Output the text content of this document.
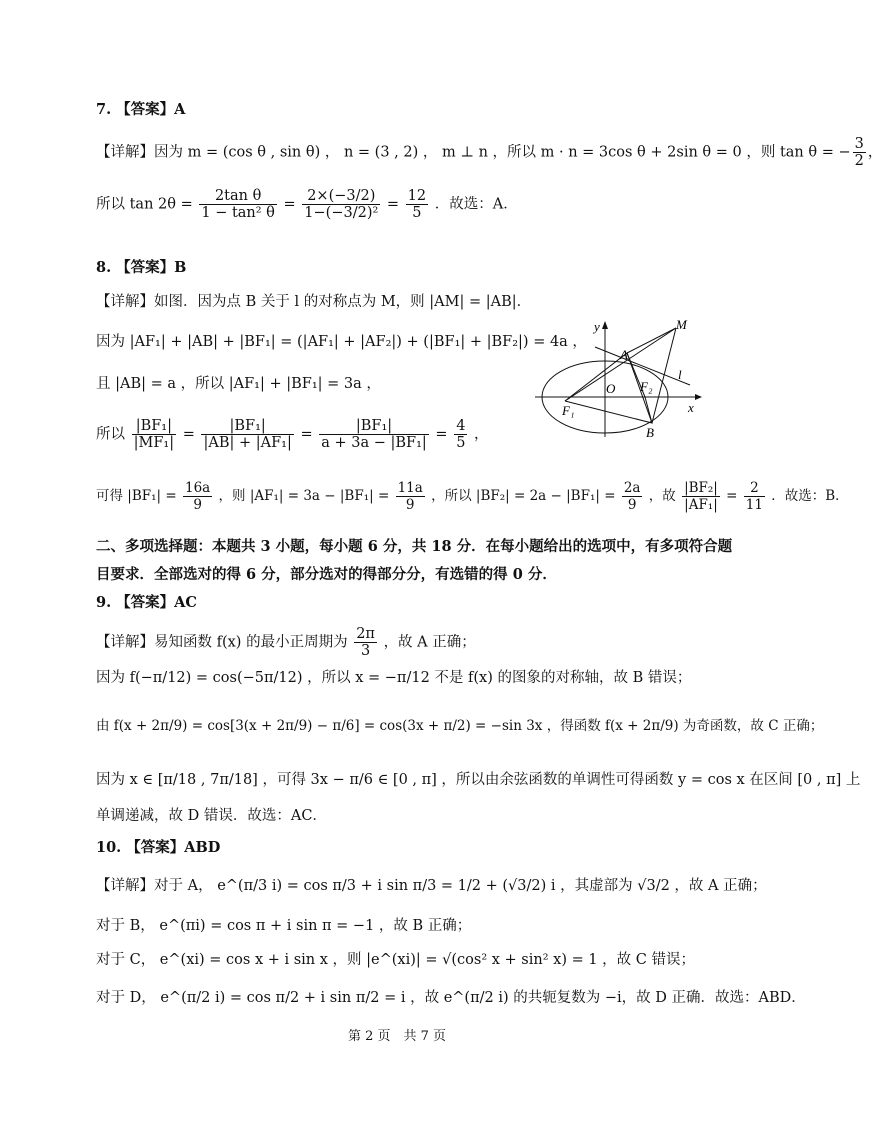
7. 【答案】A
【详解】因为 m = (cos θ , sin θ) ， n = (3 , 2) ， m ⊥ n ，所以 m · n = 3cos θ + 2sin θ = 0 ，则 tan θ = − $\frac{3}{2}$ ，
所以 $\tan 2\theta = \frac{\text{2tan θ}}{\text{1 − tan² θ}} = \frac{2\times(-3/2)}{\text{1−(−3/2)²}} = \frac{12}{5}$ ．故选：A．
8. 【答案】B
【详解】如图．因为点 B 关于 l 的对称点为 M，则 |AM| = |AB|．
因为 |AF₁| + |AB| + |BF₁| = (|AF₁| + |AF₂|) + (|BF₁| + |BF₂|) = 4a ，
且 |AB| = a ，所以 |AF₁| + |BF₁| = 3a ，
所以 $\frac{\text{|BF₁|}}{\text{|MF₁|}} = \frac{\text{|BF₁|}}{\text{|AB| + |AF₁|}} = \frac{\text{|BF₁|}}{\text{a + 3a − |BF₁|}} = \frac{4}{5}$ ，
可得 $|BF_1| = \frac{16a}{9}$ ，则 $|AF_1| = 3a - |BF_1| = \frac{11a}{9}$ ，所以 $|BF_2| = 2a - |BF_1| = \frac{2a}{9}$ ，故 $\frac{\text{|BF₂|}}{\text{|AF₁|}} = \frac{2}{11}$ ．故选：B．
y
x
M
A
l
O F₂
F₁
B
二、多项选择题：本题共 3 小题，每小题 6 分，共 18 分．在每小题给出的选项中，有多项符合题
目要求．全部选对的得 6 分，部分选对的得部分分，有选错的得 0 分．
9. 【答案】AC
【详解】易知函数 f(x) 的最小正周期为 $\frac{2\pi}{3}$ ，故 A 正确；
因为 f(−π/12) = cos(−5π/12) ，所以 x = −π/12 不是 f(x) 的图象的对称轴，故 B 错误；
由 f(x + 2π/9) = cos[3(x + 2π/9) − π/6] = cos(3x + π/2) = −sin 3x ，得函数 f(x + 2π/9) 为奇函数，故 C 正确；
因为 x ∈ [π/18 , 7π/18] ，可得 3x − π/6 ∈ [0 , π] ，所以由余弦函数的单调性可得函数 y = cos x 在区间 [0 , π] 上
单调递减，故 D 错误．故选：AC．
10. 【答案】ABD
【详解】对于 A， e^(π/3 i) = cos π/3 + i sin π/3 = 1/2 + (√3/2) i ，其虚部为 √3/2 ，故 A 正确；
对于 B， e^(πi) = cos π + i sin π = −1 ，故 B 正确；
对于 C， e^(xi) = cos x + i sin x ，则 |e^(xi)| = √(cos² x + sin² x) = 1 ，故 C 错误；
对于 D， e^(π/2 i) = cos π/2 + i sin π/2 = i ，故 e^(π/2 i) 的共轭复数为 −i，故 D 正确．故选：ABD．
第 2 页　共 7 页
